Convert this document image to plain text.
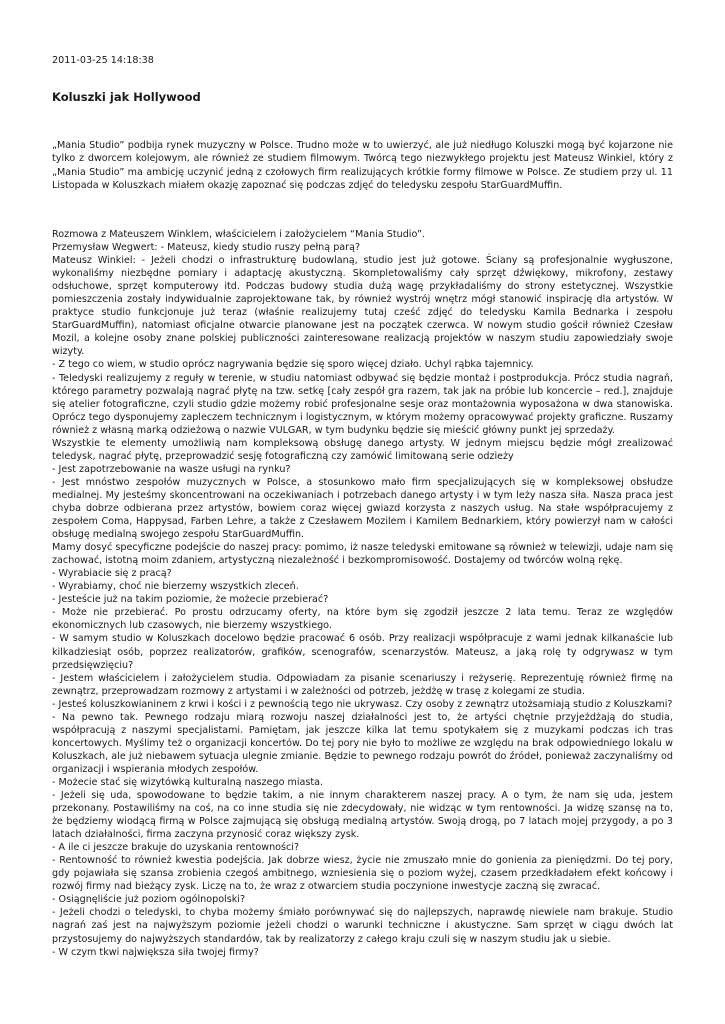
2011-03-25 14:18:38
Koluszki jak Hollywood

„Mania Studio” podbija rynek muzyczny w Polsce. Trudno może w to uwierzyć, ale już niedługo Koluszki mogą być kojarzone nie tylko z dworcem kolejowym, ale również ze studiem filmowym. Twórcą tego niezwykłego projektu jest Mateusz Winkiel, który z „Mania Studio” ma ambicję uczynić jedną z czołowych firm realizujących krótkie formy filmowe w Polsce. Ze studiem przy ul. 11 Listopada w Koluszkach miałem okazję zapoznać się podczas zdjęć do teledysku zespołu StarGuardMuffin.

Rozmowa z Mateuszem Winklem, właścicielem i założycielem “Mania Studio”.

Przemysław Wegwert: - Mateusz, kiedy studio ruszy pełną parą?

Mateusz Winkiel: - Jeżeli chodzi o infrastrukturę budowlaną, studio jest już gotowe. Ściany są profesjonalnie wygłuszone, wykonaliśmy niezbędne pomiary i adaptację akustyczną. Skompletowaliśmy cały sprzęt dźwiękowy, mikrofony, zestawy odsłuchowe, sprzęt komputerowy itd. Podczas budowy studia dużą wagę przykładaliśmy do strony estetycznej. Wszystkie pomieszczenia zostały indywidualnie zaprojektowane tak, by również wystrój wnętrz mógł stanowić inspirację dla artystów. W praktyce studio funkcjonuje już teraz (właśnie realizujemy tutaj cześć zdjęć do teledysku Kamila Bednarka i zespołu StarGuardMuffin), natomiast oficjalne otwarcie planowane jest na początek czerwca. W nowym studio gościł również Czesław Mozil, a kolejne osoby znane polskiej publiczności zainteresowane realizacją projektów w naszym studiu zapowiedziały swoje wizyty.

- Z tego co wiem, w studio oprócz nagrywania będzie się sporo więcej działo. Uchyl rąbka tajemnicy.

- Teledyski realizujemy z reguły w terenie, w studiu natomiast odbywać się będzie montaż i postprodukcja. Prócz studia nagrań, którego parametry pozwalają nagrać płytę na tzw. setkę [cały zespół gra razem, tak jak na próbie lub koncercie – red.], znajduje się atelier fotograficzne, czyli studio gdzie możemy robić profesjonalne sesje oraz montażownia wyposażona w dwa stanowiska. Oprócz tego dysponujemy zapleczem technicznym i logistycznym, w którym możemy opracowywać projekty graficzne. Ruszamy również z własną marką odzieżową o nazwie VULGAR, w tym budynku będzie się mieścić główny punkt jej sprzedaży.

Wszystkie te elementy umożliwią nam kompleksową obsługę danego artysty. W jednym miejscu będzie mógł zrealizować teledysk, nagrać płytę, przeprowadzić sesję fotograficzną czy zamówić limitowaną serie odzieży

- Jest zapotrzebowanie na wasze usługi na rynku?

- Jest mnóstwo zespołów muzycznych w Polsce, a stosunkowo mało firm specjalizujących się w kompleksowej obsłudze medialnej. My jesteśmy skoncentrowani na oczekiwaniach i potrzebach danego artysty i w tym leży nasza siła. Nasza praca jest chyba dobrze odbierana przez artystów, bowiem coraz więcej gwiazd korzysta z naszych usług. Na stałe współpracujemy z zespołem Coma, Happysad, Farben Lehre, a także z Czesławem Mozilem i Kamilem Bednarkiem, który powierzył nam w całości obsługę medialną swojego zespołu StarGuardMuffin.

Mamy dosyć specyficzne podejście do naszej pracy: pomimo, iż nasze teledyski emitowane są również w telewizji, udaje nam się zachować, istotną moim zdaniem, artystyczną niezależność i bezkompromisowość. Dostajemy od twórców wolną rękę.

- Wyrabiacie się z pracą?

- Wyrabiamy, choć nie bierzemy wszystkich zleceń.

- Jesteście już na takim poziomie, że możecie przebierać?

- Może nie przebierać. Po prostu odrzucamy oferty, na które bym się zgodził jeszcze 2 lata temu. Teraz ze względów ekonomicznych lub czasowych, nie bierzemy wszystkiego.

- W samym studio w Koluszkach docelowo będzie pracować 6 osób. Przy realizacji współpracuje z wami jednak kilkanaście lub kilkadziesiąt osób, poprzez realizatorów, grafików, scenografów, scenarzystów. Mateusz, a jaką rolę ty odgrywasz w tym przedsięwzięciu?

- Jestem właścicielem i założycielem studia. Odpowiadam za pisanie scenariuszy i reżyserię. Reprezentuję również firmę na zewnątrz, przeprowadzam rozmowy z artystami i w zależności od potrzeb, jeżdżę w trasę z kolegami ze studia.

- Jesteś koluszkowianinem z krwi i kości i z pewnością tego nie ukrywasz. Czy osoby z zewnątrz utożsamiają studio z Koluszkami?

- Na pewno tak. Pewnego rodzaju miarą rozwoju naszej działalności jest to, że artyści chętnie przyjeżdżają do studia, współpracują z naszymi specjalistami. Pamiętam, jak jeszcze kilka lat temu spotykałem się z muzykami podczas ich tras koncertowych. Myślimy też o organizacji koncertów. Do tej pory nie było to możliwe ze względu na brak odpowiedniego lokalu w Koluszkach, ale już niebawem sytuacja ulegnie zmianie. Będzie to pewnego rodzaju powrót do źródeł, ponieważ zaczynaliśmy od organizacji i wspierania młodych zespołów.

- Możecie stać się wizytówką kulturalną naszego miasta.

- Jeżeli się uda, spowodowane to będzie takim, a nie innym charakterem naszej pracy. A o tym, że nam się uda, jestem przekonany. Postawiliśmy na coś, na co inne studia się nie zdecydowały, nie widząc w tym rentowności. Ja widzę szansę na to, że będziemy wiodącą firmą w Polsce zajmującą się obsługą medialną artystów. Swoją drogą, po 7 latach mojej przygody, a po 3 latach działalności, firma zaczyna przynosić coraz większy zysk.

- A ile ci jeszcze brakuje do uzyskania rentowności?

- Rentowność to również kwestia podejścia. Jak dobrze wiesz, życie nie zmuszało mnie do gonienia za pieniędzmi. Do tej pory, gdy pojawiała się szansa zrobienia czegoś ambitnego, wzniesienia się o poziom wyżej, czasem przedkładałem efekt końcowy i rozwój firmy nad bieżący zysk. Liczę na to, że wraz z otwarciem studia poczynione inwestycje zaczną się zwracać.

- Osiągnęliście już poziom ogólnopolski?

- Jeżeli chodzi o teledyski, to chyba możemy śmiało porównywać się do najlepszych, naprawdę niewiele nam brakuje. Studio nagrań zaś jest na najwyższym poziomie jeżeli chodzi o warunki techniczne i akustyczne. Sam sprzęt w ciągu dwóch lat przystosujemy do najwyższych standardów, tak by realizatorzy z całego kraju czuli się w naszym studiu jak u siebie.

- W czym tkwi największa siła twojej firmy?
